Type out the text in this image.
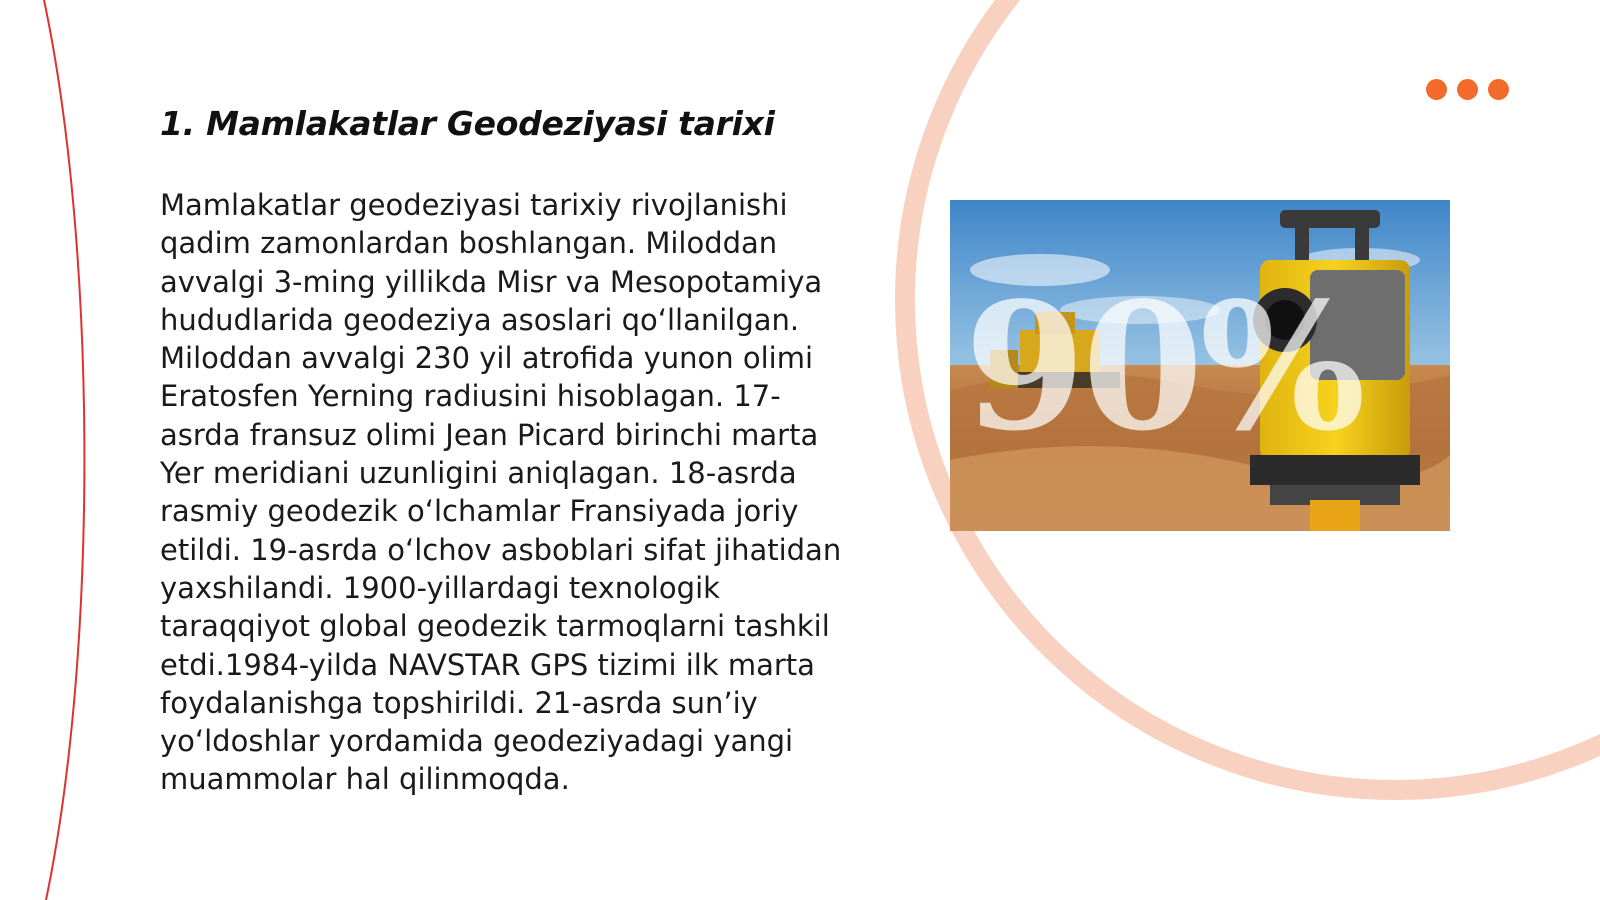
1. Mamlakatlar Geodeziyasi tarixi

Mamlakatlar geodeziyasi tarixiy rivojlanishi qadim zamonlardan boshlangan. Miloddan avvalgi 3-ming yillikda Misr va Mesopotamiya hududlarida geodeziya asoslari qoʻllanilgan. Miloddan avvalgi 230 yil atrofida yunon olimi Eratosfen Yerning radiusini hisoblagan. 17-asrda fransuz olimi Jean Picard birinchi marta Yer meridiani uzunligini aniqlagan. 18-asrda rasmiy geodezik oʻlchamlar Fransiyada joriy etildi. 19-asrda oʻlchov asboblari sifat jihatidan yaxshilandi. 1900-yillardagi texnologik taraqqiyot global geodezik tarmoqlarni tashkil etdi.1984-yilda NAVSTAR GPS tizimi ilk marta foydalanishga topshirildi. 21-asrda sun’iy yoʻldoshlar yordamida geodeziyadagi yangi muammolar hal qilinmoqda.

90%
